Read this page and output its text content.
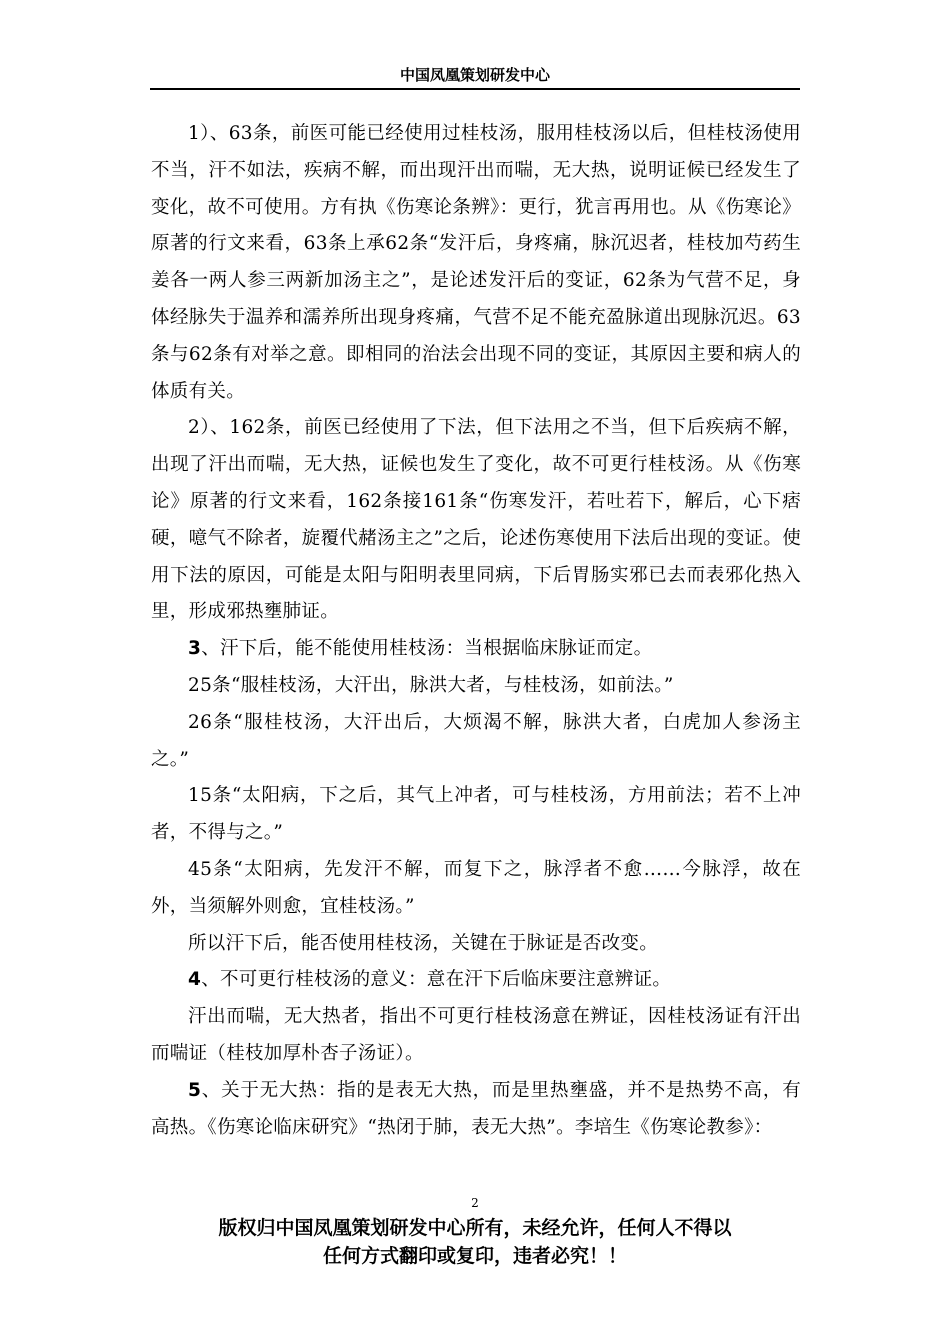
中国凤凰策划研发中心

1）、63条，前医可能已经使用过桂枝汤，服用桂枝汤以后，但桂枝汤使用不当，汗不如法，疾病不解，而出现汗出而喘，无大热，说明证候已经发生了变化，故不可使用。方有执《伤寒论条辨》：更行，犹言再用也。从《伤寒论》原著的行文来看，63条上承62条“发汗后，身疼痛，脉沉迟者，桂枝加芍药生姜各一两人参三两新加汤主之”，是论述发汗后的变证，62条为气营不足，身体经脉失于温养和濡养所出现身疼痛，气营不足不能充盈脉道出现脉沉迟。63条与62条有对举之意。即相同的治法会出现不同的变证，其原因主要和病人的体质有关。

2）、162条，前医已经使用了下法，但下法用之不当，但下后疾病不解，出现了汗出而喘，无大热，证候也发生了变化，故不可更行桂枝汤。从《伤寒论》原著的行文来看，162条接161条“伤寒发汗，若吐若下，解后，心下痞硬，噫气不除者，旋覆代赭汤主之”之后，论述伤寒使用下法后出现的变证。使用下法的原因，可能是太阳与阳明表里同病，下后胃肠实邪已去而表邪化热入里，形成邪热壅肺证。

3、汗下后，能不能使用桂枝汤：当根据临床脉证而定。

25条“服桂枝汤，大汗出，脉洪大者，与桂枝汤，如前法。”

26条“服桂枝汤，大汗出后，大烦渴不解，脉洪大者，白虎加人参汤主之。”

15条“太阳病，下之后，其气上冲者，可与桂枝汤，方用前法；若不上冲者，不得与之。”

45条“太阳病，先发汗不解，而复下之，脉浮者不愈……今脉浮，故在外，当须解外则愈，宜桂枝汤。”

所以汗下后，能否使用桂枝汤，关键在于脉证是否改变。

4、不可更行桂枝汤的意义：意在汗下后临床要注意辨证。

汗出而喘，无大热者，指出不可更行桂枝汤意在辨证，因桂枝汤证有汗出而喘证（桂枝加厚朴杏子汤证）。

5、关于无大热：指的是表无大热，而是里热壅盛，并不是热势不高，有高热。《伤寒论临床研究》“热闭于肺，表无大热”。李培生《伤寒论教参》：

2
版权归中国凤凰策划研发中心所有，未经允许，任何人不得以
任何方式翻印或复印，违者必究！！
